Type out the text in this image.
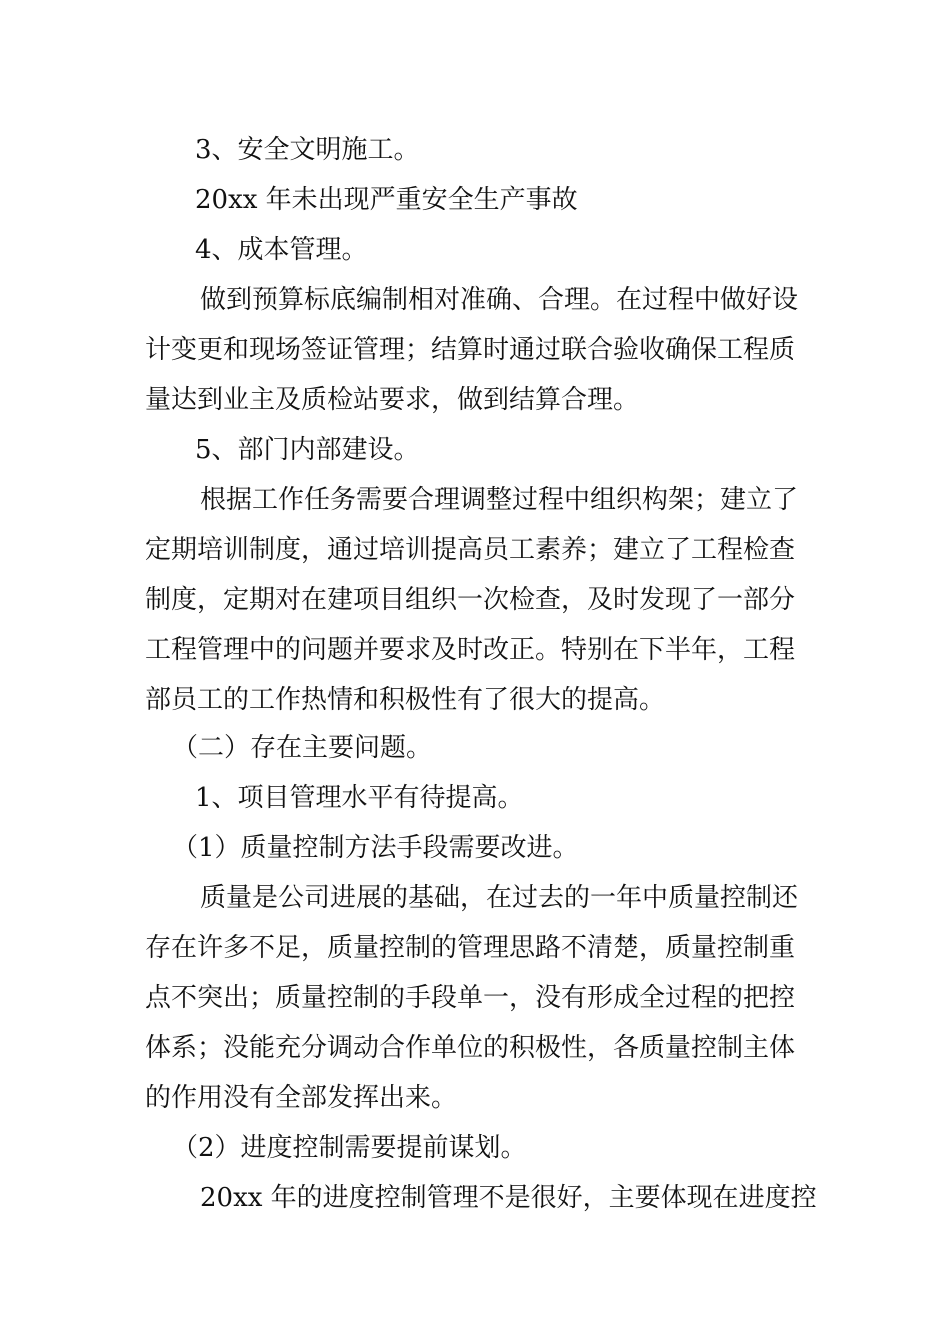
3、安全文明施工。

20xx 年未出现严重安全生产事故

4、成本管理。

做到预算标底编制相对准确、合理。在过程中做好设

计变更和现场签证管理；结算时通过联合验收确保工程质

量达到业主及质检站要求，做到结算合理。

5、部门内部建设。

根据工作任务需要合理调整过程中组织构架；建立了

定期培训制度，通过培训提高员工素养；建立了工程检查

制度，定期对在建项目组织一次检查，及时发现了一部分

工程管理中的问题并要求及时改正。特别在下半年，工程

部员工的工作热情和积极性有了很大的提高。

（二）存在主要问题。

1、项目管理水平有待提高。

（1）质量控制方法手段需要改进。

质量是公司进展的基础，在过去的一年中质量控制还

存在许多不足，质量控制的管理思路不清楚，质量控制重

点不突出；质量控制的手段单一，没有形成全过程的把控

体系；没能充分调动合作单位的积极性，各质量控制主体

的作用没有全部发挥出来。

（2）进度控制需要提前谋划。

20xx 年的进度控制管理不是很好，主要体现在进度控
